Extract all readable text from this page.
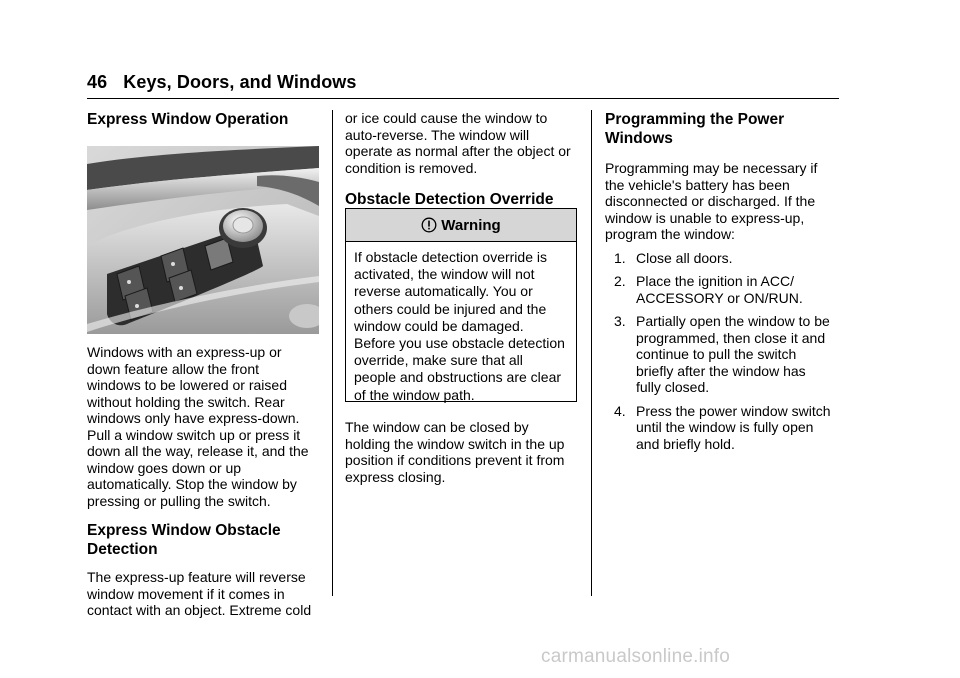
46 Keys, Doors, and Windows
Express Window Operation

Windows with an express-up or
down feature allow the front
windows to be lowered or raised
without holding the switch. Rear
windows only have express-down.
Pull a window switch up or press it
down all the way, release it, and the
window goes down or up
automatically. Stop the window by
pressing or pulling the switch.

Express Window Obstacle
Detection

The express-up feature will reverse
window movement if it comes in
contact with an object. Extreme cold

or ice could cause the window to
auto-reverse. The window will
operate as normal after the object or
condition is removed.

Obstacle Detection Override
Warning
If obstacle detection override is
activated, the window will not
reverse automatically. You or
others could be injured and the
window could be damaged.
Before you use obstacle detection
override, make sure that all
people and obstructions are clear
of the window path.

The window can be closed by
holding the window switch in the up
position if conditions prevent it from
express closing.

Programming the Power
Windows

Programming may be necessary if
the vehicle's battery has been
disconnected or discharged. If the
window is unable to express-up,
program the window:

1. Close all doors.
2. Place the ignition in ACC/
ACCESSORY or ON/RUN.
3. Partially open the window to be
programmed, then close it and
continue to pull the switch
briefly after the window has
fully closed.
4. Press the power window switch
until the window is fully open
and briefly hold.
carmanualsonline.info
